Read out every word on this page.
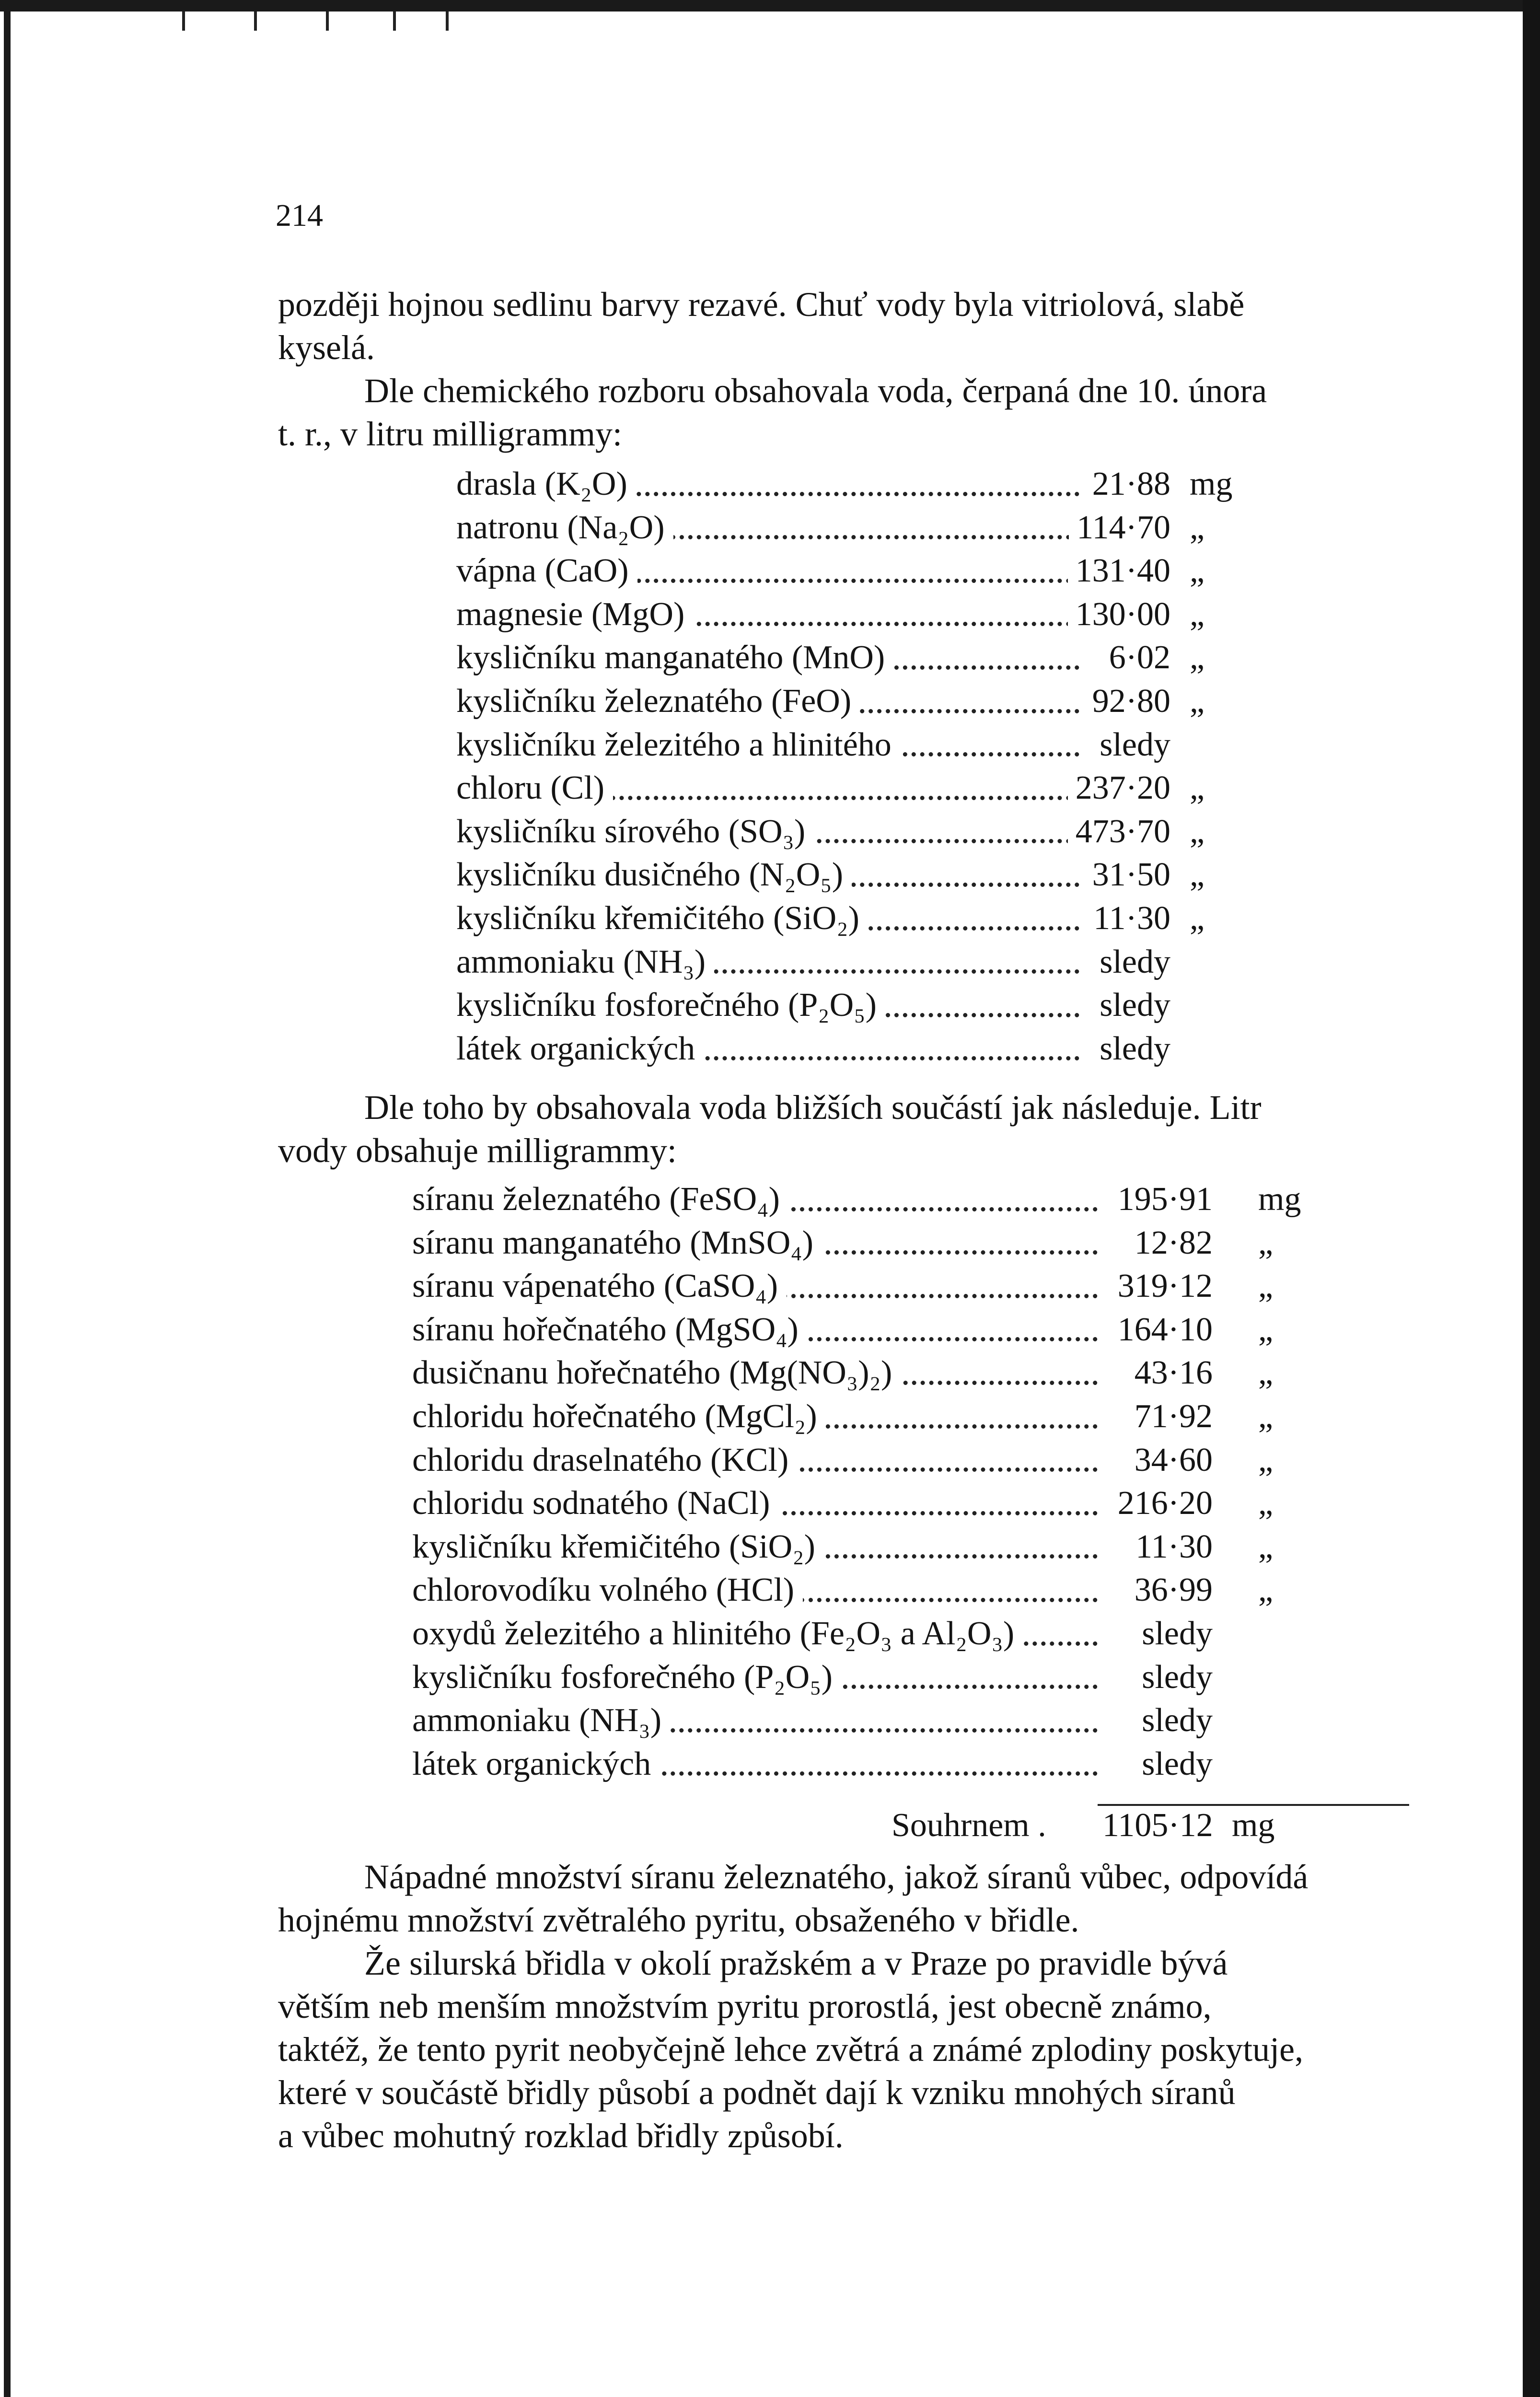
214
později hojnou sedlinu barvy rezavé. Chuť vody byla vitriolová, slabě
kyselá.
Dle chemického rozboru obsahovala voda, čerpaná dne 10. února
t. r., v litru milligrammy:
drasla (K₂O)	21·88 mg
natronu (Na₂O)	114·70 „
vápna (CaO)	131·40 „
magnesie (MgO)	130·00 „
kysličníku manganatého (MnO)	6·02 „
kysličníku železnatého (FeO)	92·80 „
kysličníku železitého a hlinitého	sledy
chloru (Cl)	237·20 „
kysličníku sírového (SO₃)	473·70 „
kysličníku dusičného (N₂O₅)	31·50 „
kysličníku křemičitého (SiO₂)	11·30 „
ammoniaku (NH₃)	sledy
kysličníku fosforečného (P₂O₅)	sledy
látek organických	sledy
Dle toho by obsahovala voda bližších součástí jak následuje. Litr
vody obsahuje milligrammy:
síranu železnatého (FeSO₄)	195·91 mg
síranu manganatého (MnSO₄)	12·82 „
síranu vápenatého (CaSO₄)	319·12 „
síranu hořečnatého (MgSO₄)	164·10 „
dusičnanu hořečnatého (Mg(NO₃)₂)	43·16 „
chloridu hořečnatého (MgCl₂)	71·92 „
chloridu draselnatého (KCl)	34·60 „
chloridu sodnatého (NaCl)	216·20 „
kysličníku křemičitého (SiO₂)	11·30 „
chlorovodíku volného (HCl)	36·99 „
oxydů železitého a hlinitého (Fe₂O₃ a Al₂O₃)	sledy
kysličníku fosforečného (P₂O₅)	sledy
ammoniaku (NH₃)	sledy
látek organických	sledy
Souhrnem . 1105·12 mg
Nápadné množství síranu železnatého, jakož síranů vůbec, odpovídá
hojnému množství zvětralého pyritu, obsaženého v břidle.
Že silurská břidla v okolí pražském a v Praze po pravidle bývá
větším neb menším množstvím pyritu prorostlá, jest obecně známo,
taktéž, že tento pyrit neobyčejně lehce zvětrá a známé zplodiny poskytuje,
které v součástě břidly působí a podnět dají k vzniku mnohých síranů
a vůbec mohutný rozklad břidly způsobí.
